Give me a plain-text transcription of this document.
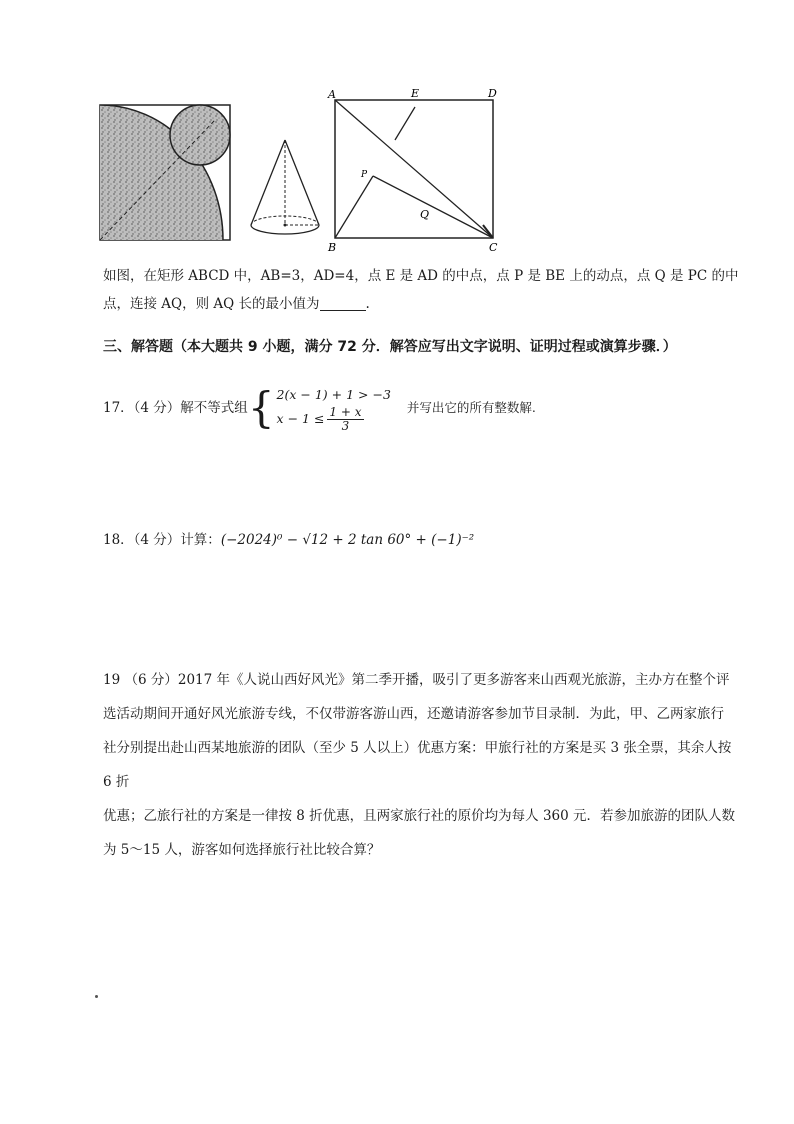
A	E	D
B	C
Q
P
如图，在矩形 ABCD 中，AB=3，AD=4，点 E 是 AD 的中点，点 P 是 BE 上的动点，点 Q 是 PC 的中
点，连接 AQ，则 AQ 长的最小值为	.
三、解答题（本大题共 9 小题，满分 72 分．解答应写出文字说明、证明过程或演算步骤．）
17．（4 分）解不等式组 { 2(x − 1) + 1 > −3
$x - 1 \le \frac{1 + x}{3}$	并写出它的所有整数解.
18．（4 分）计算：(−2024)⁰ − √12 + 2 tan 60° + (−1)⁻²

19 （6 分）2017 年《人说山西好风光》第二季开播，吸引了更多游客来山西观光旅游，主办方在整个评

选活动期间开通好风光旅游专线，不仅带游客游山西，还邀请游客参加节目录制．为此，甲、乙两家旅行

社分别提出赴山西某地旅游的团队（至少 5 人以上）优惠方案：甲旅行社的方案是买 3 张全票，其余人按 6 折

优惠；乙旅行社的方案是一律按 8 折优惠，且两家旅行社的原价均为每人 360 元．若参加旅游的团队人数

为 5～15 人，游客如何选择旅行社比较合算？
